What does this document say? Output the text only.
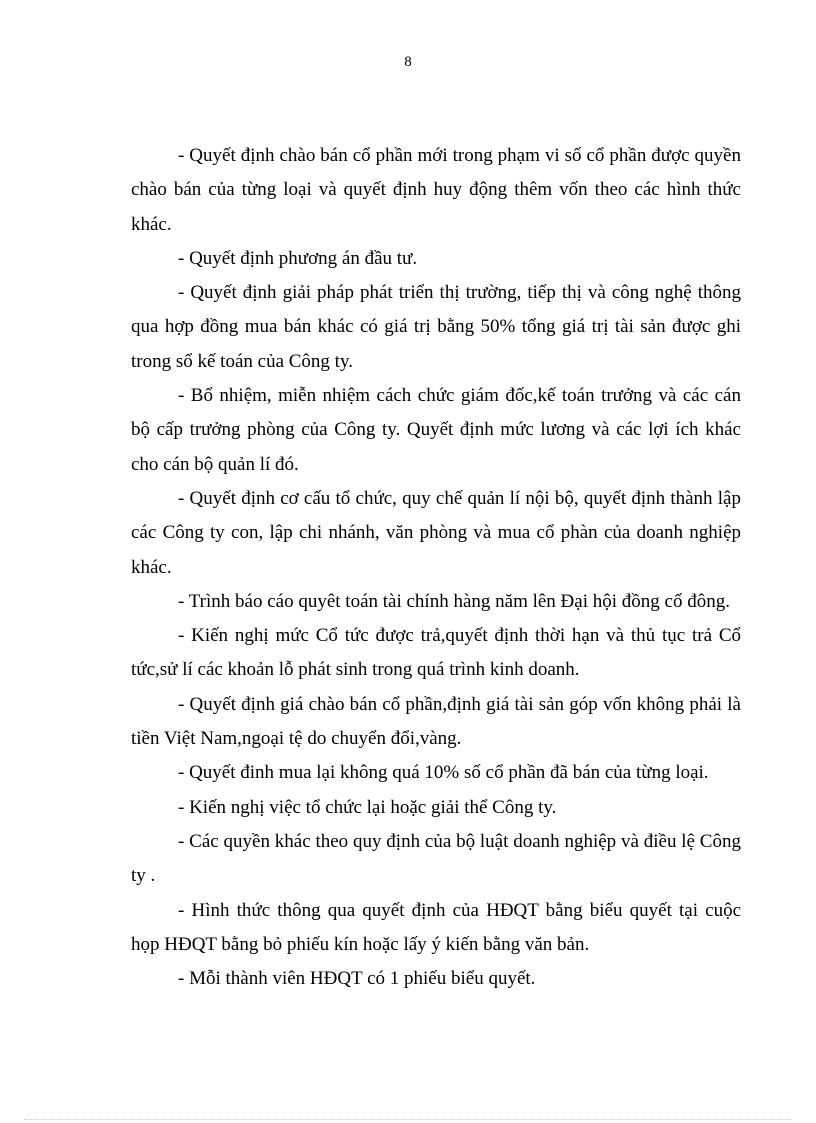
8

- Quyết định chào bán cổ phần mới trong phạm vi số cổ phần được quyền chào bán của từng loại và quyết định huy động thêm vốn theo các hình thức khác.

- Quyết định phương án đầu tư.

- Quyết định giải pháp phát triển thị trường, tiếp thị và công nghệ thông qua hợp đồng mua bán khác có giá trị bằng 50% tổng giá trị tài sản được ghi trong sổ kế toán của Công ty.

- Bổ nhiệm, miễn nhiệm cách chức giám đốc,kế toán trưởng và các cán bộ cấp trưởng phòng của Công ty. Quyết định mức lương và các lợi ích khác cho cán bộ quản lí đó.

- Quyết định cơ cấu tổ chức, quy chế quản lí nội bộ, quyết định thành lập các Công ty con, lập chi nhánh, văn phòng và mua cổ phàn của doanh nghiệp khác.

- Trình báo cáo quyêt toán tài chính hàng năm lên Đại hội đồng cổ đông.

- Kiến nghị mức Cổ tức được trả,quyết định thời hạn và thủ tục trả Cổ tức,sử lí các khoản lỗ phát sinh trong quá trình kinh doanh.

- Quyết định giá chào bán cổ phần,định giá tài sản góp vốn không phải là tiền Việt Nam,ngoại tệ do chuyển đổi,vàng.

- Quyết đinh mua lại không quá 10% số cổ phần đã bán của từng loại.

- Kiến nghị việc tổ chức lại hoặc giải thể Công ty.

- Các quyền khác theo quy định của bộ luật doanh nghiệp và điều lệ Công ty .

- Hình thức thông qua quyết định của HĐQT bằng biểu quyết tại cuộc họp HĐQT bằng bỏ phiếu kín hoặc lấy ý kiến bằng văn bản.

- Mỗi thành viên HĐQT có 1 phiếu biểu quyết.
